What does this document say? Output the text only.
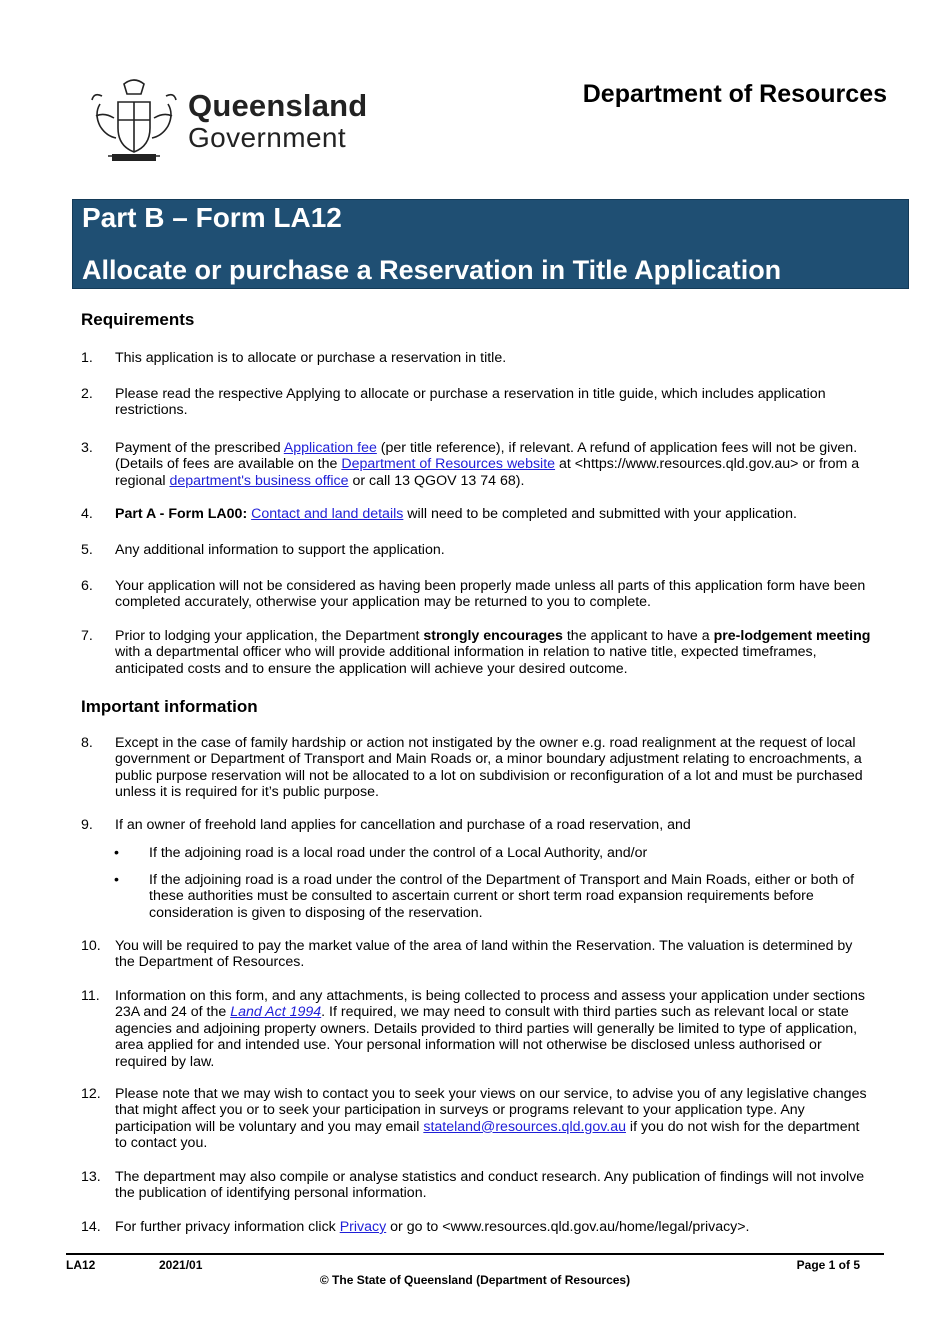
Queensland
Government
Department of Resources
Part B – Form LA12
Allocate or purchase a Reservation in Title Application
Requirements
1. This application is to allocate or purchase a reservation in title.
2. Please read the respective Applying to allocate or purchase a reservation in title guide, which includes application restrictions.
3. Payment of the prescribed Application fee (per title reference), if relevant. A refund of application fees will not be given. (Details of fees are available on the Department of Resources website at <https://www.resources.qld.gov.au> or from a regional department's business office or call 13 QGOV 13 74 68).
4. Part A - Form LA00: Contact and land details will need to be completed and submitted with your application.
5. Any additional information to support the application.
6. Your application will not be considered as having been properly made unless all parts of this application form have been completed accurately, otherwise your application may be returned to you to complete.
7. Prior to lodging your application, the Department strongly encourages the applicant to have a pre-lodgement meeting with a departmental officer who will provide additional information in relation to native title, expected timeframes, anticipated costs and to ensure the application will achieve your desired outcome.
Important information
8. Except in the case of family hardship or action not instigated by the owner e.g. road realignment at the request of local government or Department of Transport and Main Roads or, a minor boundary adjustment relating to encroachments, a public purpose reservation will not be allocated to a lot on subdivision or reconfiguration of a lot and must be purchased unless it is required for it’s public purpose.
9. If an owner of freehold land applies for cancellation and purchase of a road reservation, and
• If the adjoining road is a local road under the control of a Local Authority, and/or
• If the adjoining road is a road under the control of the Department of Transport and Main Roads, either or both of these authorities must be consulted to ascertain current or short term road expansion requirements before consideration is given to disposing of the reservation.
10. You will be required to pay the market value of the area of land within the Reservation. The valuation is determined by the Department of Resources.
11. Information on this form, and any attachments, is being collected to process and assess your application under sections 23A and 24 of the Land Act 1994. If required, we may need to consult with third parties such as relevant local or state agencies and adjoining property owners. Details provided to third parties will generally be limited to type of application, area applied for and intended use. Your personal information will not otherwise be disclosed unless authorised or required by law.
12. Please note that we may wish to contact you to seek your views on our service, to advise you of any legislative changes that might affect you or to seek your participation in surveys or programs relevant to your application type. Any participation will be voluntary and you may email stateland@resources.qld.gov.au if you do not wish for the department to contact you.
13. The department may also compile or analyse statistics and conduct research. Any publication of findings will not involve the publication of identifying personal information.
14. For further privacy information click Privacy or go to <www.resources.qld.gov.au/home/legal/privacy>.
LA12	2021/01	Page 1 of 5
© The State of Queensland (Department of Resources)
